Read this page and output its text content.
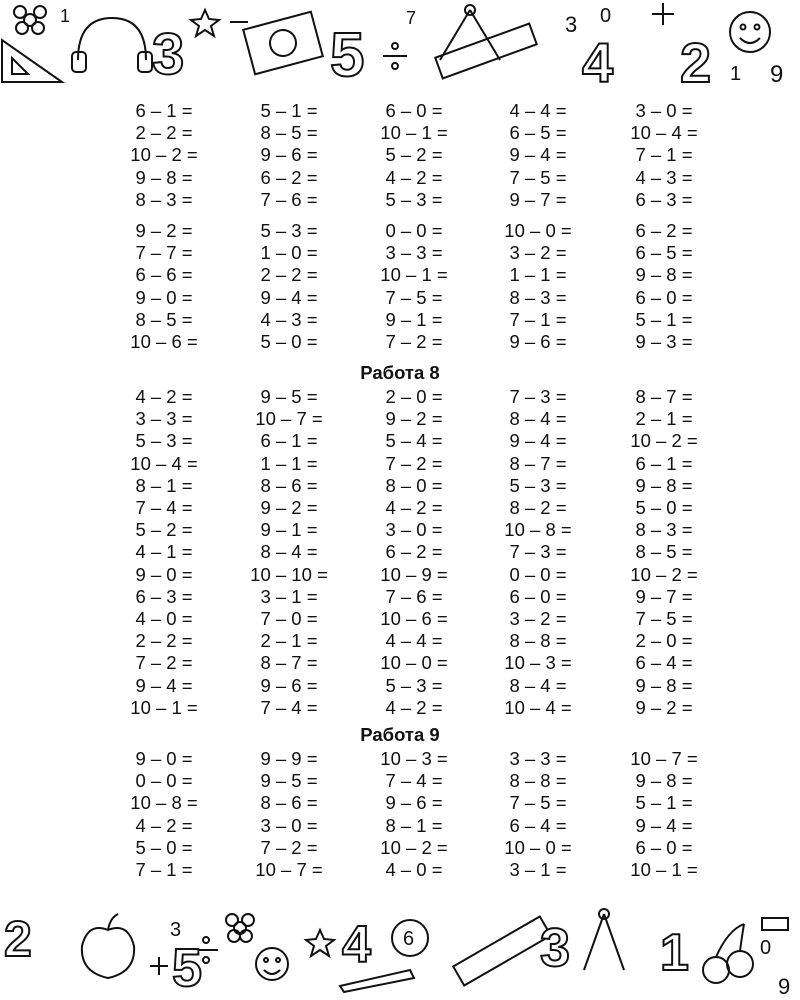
1
3 5	3
4 2 1 9
0
7
6 – 1 =	5 – 1 =	6 – 0 =	4 – 4 =	3 – 0 =
2 – 2 =	8 – 5 =	10 – 1 =	6 – 5 =	10 – 4 =
10 – 2 =	9 – 6 =	5 – 2 =	9 – 4 =	7 – 1 =
9 – 8 =	6 – 2 =	4 – 2 =	7 – 5 =	4 – 3 =
8 – 3 =	7 – 6 =	5 – 3 =	9 – 7 =	6 – 3 =
9 – 2 =	5 – 3 =	0 – 0 =	10 – 0 =	6 – 2 =
7 – 7 =	1 – 0 =	3 – 3 =	3 – 2 =	6 – 5 =
6 – 6 =	2 – 2 =	10 – 1 =	1 – 1 =	9 – 8 =
9 – 0 =	9 – 4 =	7 – 5 =	8 – 3 =	6 – 0 =
8 – 5 =	4 – 3 =	9 – 1 =	7 – 1 =	5 – 1 =
10 – 6 =	5 – 0 =	7 – 2 =	9 – 6 =	9 – 3 =
Работа 8
4 – 2 =	9 – 5 =	2 – 0 =	7 – 3 =	8 – 7 =
3 – 3 =	10 – 7 =	9 – 2 =	8 – 4 =	2 – 1 =
5 – 3 =	6 – 1 =	5 – 4 =	9 – 4 =	10 – 2 =
10 – 4 =	1 – 1 =	7 – 2 =	8 – 7 =	6 – 1 =
8 – 1 =	8 – 6 =	8 – 0 =	5 – 3 =	9 – 8 =
7 – 4 =	9 – 2 =	4 – 2 =	8 – 2 =	5 – 0 =
5 – 2 =	9 – 1 =	3 – 0 =	10 – 8 =	8 – 3 =
4 – 1 =	8 – 4 =	6 – 2 =	7 – 3 =	8 – 5 =
9 – 0 =	10 – 10 =	10 – 9 =	0 – 0 =	10 – 2 =
6 – 3 =	3 – 1 =	7 – 6 =	6 – 0 =	9 – 7 =
4 – 0 =	7 – 0 =	10 – 6 =	3 – 2 =	7 – 5 =
2 – 2 =	2 – 1 =	4 – 4 =	8 – 8 =	2 – 0 =
7 – 2 =	8 – 7 =	10 – 0 =	10 – 3 =	6 – 4 =
9 – 4 =	9 – 6 =	5 – 3 =	8 – 4 =	9 – 8 =
10 – 1 =	7 – 4 =	4 – 2 =	10 – 4 =	9 – 2 =
Работа 9
9 – 0 =	9 – 9 =	10 – 3 =	3 – 3 =	10 – 7 =
0 – 0 =	9 – 5 =	7 – 4 =	8 – 8 =	9 – 8 =
10 – 8 =	8 – 6 =	9 – 6 =	7 – 5 =	5 – 1 =
4 – 2 =	3 – 0 =	8 – 1 =	6 – 4 =	9 – 4 =
5 – 0 =	7 – 2 =	10 – 2 =	10 – 0 =	6 – 0 =
7 – 1 =	10 – 7 =	4 – 0 =	3 – 1 =	10 – 1 =
2	3
5	4 6 3 1	0
9
